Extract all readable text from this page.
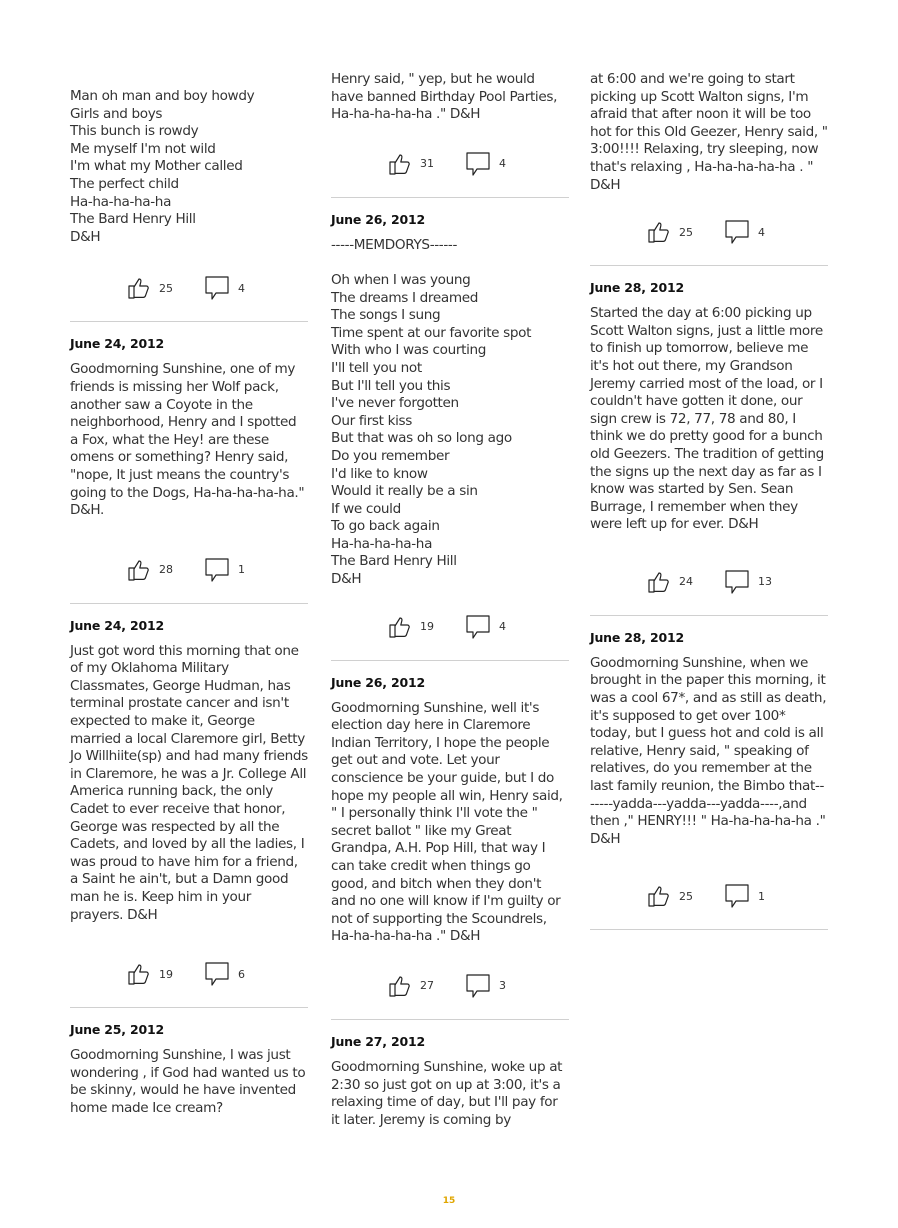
Man oh man and boy howdy
Girls and boys
This bunch is rowdy
Me myself I'm not wild
I'm what my Mother called
The perfect child
Ha-ha-ha-ha-ha
The Bard Henry Hill
D&H
25	4
June 24, 2012
Goodmorning Sunshine, one of my friends is missing her Wolf pack, another saw a Coyote in the neighborhood, Henry and I spotted a Fox, what the Hey! are these omens or something? Henry said, "nope, It just means the country's going to the Dogs, Ha-ha-ha-ha-ha." D&H.
28	1
June 24, 2012
Just got word this morning that one of my Oklahoma Military Classmates, George Hudman, has terminal prostate cancer and isn't expected to make it, George married a local Claremore girl, Betty Jo Willhiite(sp) and had many friends in Claremore, he was a Jr. College All America running back, the only Cadet to ever receive that honor, George was respected by all the Cadets, and loved by all the ladies, I was proud to have him for a friend, a Saint he ain't, but a Damn good man he is. Keep him in your prayers. D&H
19	6
June 25, 2012
Goodmorning Sunshine, I was just wondering , if God had wanted us to be skinny, would he have invented home made Ice cream?
Henry said, " yep, but he would have banned Birthday Pool Parties, Ha-ha-ha-ha-ha ." D&H
31	4
June 26, 2012
-----MEMDORYS------

Oh when I was young
The dreams I dreamed
The songs I sung
Time spent at our favorite spot
With who I was courting
I'll tell you not
But I'll tell you this
I've never forgotten
Our first kiss
But that was oh so long ago
Do you remember
I'd like to know
Would it really be a sin
If we could
To go back again
Ha-ha-ha-ha-ha
The Bard Henry Hill
D&H
19	4
June 26, 2012
Goodmorning Sunshine, well it's election day here in Claremore Indian Territory, I hope the people get out and vote. Let your conscience be your guide, but I do hope my people all win, Henry said, " I personally think I'll vote the " secret ballot " like my Great Grandpa, A.H. Pop Hill, that way I can take credit when things go good, and bitch when they don't and no one will know if I'm guilty or not of supporting the Scoundrels, Ha-ha-ha-ha-ha ." D&H
27	3
June 27, 2012
Goodmorning Sunshine, woke up at 2:30 so just got on up at 3:00, it's a relaxing time of day, but I'll pay for it later. Jeremy is coming by
at 6:00 and we're going to start picking up Scott Walton signs, I'm afraid that after noon it will be too hot for this Old Geezer, Henry said, " 3:00!!!! Relaxing, try sleeping, now that's relaxing , Ha-ha-ha-ha-ha . " D&H
25	4
June 28, 2012
Started the day at 6:00 picking up Scott Walton signs, just a little more to finish up tomorrow, believe me it's hot out there, my Grandson Jeremy carried most of the load, or I couldn't have gotten it done, our sign crew is 72, 77, 78 and 80, I think we do pretty good for a bunch old Geezers. The tradition of getting the signs up the next day as far as I know was started by Sen. Sean Burrage, I remember when they were left up for ever. D&H
24	13
June 28, 2012
Goodmorning Sunshine, when we brought in the paper this morning, it was a cool 67*, and as still as death, it's supposed to get over 100* today, but I guess hot and cold is all relative, Henry said, " speaking of relatives, do you remember at the last family reunion, the Bimbo that-------yadda---yadda---yadda----,and then ," HENRY!!! " Ha-ha-ha-ha-ha ." D&H
25	1
15
